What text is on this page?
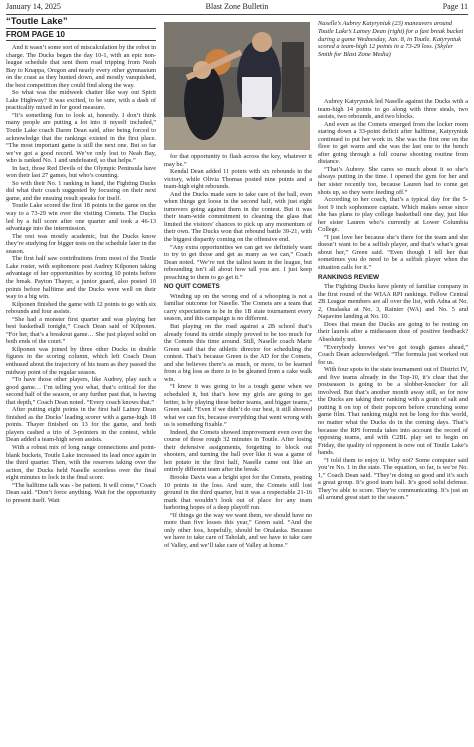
January 14, 2025	Blast Zone Bulletin	Page 11
“Toutle Lake”
FROM PAGE 10

And it wasn’t some sort of miscalculation by the robot in charge. The Ducks began the day 10-1, with an epic non-league schedule that sent them road tripping from Neah Bay to Knappa, Oregon and nearly every other gymnasium on the coast as they hunted down, and mostly vanquished, the best competition they could find along the way.

So what was the midweek chatter like way out Spirit Lake Highway? It was excited, to be sure, with a dash of practicality mixed in for good measure.

“It’s something fun to look at, honestly. I don’t think many people are putting a lot into it myself included,” Toutle Lake coach Daren Dean said, after being forced to acknowledge that the rankings existed in the first place. “The most important game is still the next one. But so far we’ve got a good record. We’ve only lost to Neah Bay, who is ranked No. 1 and undefeated, so that helps.”

In fact, those Red Devils of the Olympic Peninsula have won their last 27 games, but who’s counting.

So with their No. 1 ranking in hand, the Fighting Ducks did what their coach suggested by focusing on their next game, and the ensuing result speaks for itself.

Toutle Lake scored the first 18 points in the game on the way to a 73-29 win over the visiting Comets. The Ducks led by a full score after one quarter and took a 46-13 advantage into the intermission.

The rest was mostly academic, but the Ducks know they’re studying for bigger tests on the schedule later in the season.

The first half saw contributions from most of the Toutle Lake roster, with sophomore post Audrey Kilponen taking advantage of her opportunities by scoring 10 points before the break. Payton Thayer, a junior guard, also posted 10 points before halftime and the Ducks were well on their way to a big win.

Kilponen finished the game with 12 points to go with six rebounds and four assists.

“She had a monster first quarter and was playing her best basketball tonight,” Coach Dean said of Kilponen. “For her, that’s a breakout game… She just played solid on both ends of the court.”

Kilponen was joined by three other Ducks in double figures in the scoring column, which left Coach Dean enthused about the trajectory of his team as they passed the midway point of the regular season.

“To have those other players, like Audrey, play such a good game… I’m telling you what, that’s critical for the second half of the season, or any further past that, is having that depth,” Coach Dean noted. “Every coach knows that.”

After putting eight points in the first half Lainey Dean finished as the Ducks’ leading scorer with a game-high 18 points. Thayer finished on 13 for the game, and both players cashed a trio of 3-pointers in the contest, while Dean added a team-high seven assists.

With a robust mix of long range connections and point-blank buckets, Toutle Lake increased its lead once again in the third quarter. Then, with the reserves taking over the action, the Ducks held Naselle scoreless over the final eight minutes to lock in the final score.

“The halftime talk was - be patient. It will come,” Coach Dean said. “Don’t force anything. Wait for the opportunity to present itself. Wait

Naselle’s Aubrey Katyryniuk (23) maneuvers around Toutle Lake’s Lainey Dean (right) for a fast break bucket during a game Wednesday, Jan. 8, in Toutle. Katyryniuk scored a team-high 12 points in a 73-29 loss. (Skyler Smith for Blast Zone Media)

for that opportunity to flash across the key, whatever it may be.”

Kendal Dean added 11 points with six rebounds in the victory, while Olivia Thomas posted nine points and a team-high eight rebounds.

And the Ducks made sure to take care of the ball, even when things got loose in the second half, with just eight turnovers going against them in the contest. But it was their team-wide commitment to cleaning the glass that limited the visitors’ chances to pick up any momentum of their own. The Ducks won that rebound battle 39-21, with the biggest disparity coming on the offensive end.

“Any extra opportunities we can get we definitely want to try to get those and get as many as we can,” Coach Dean noted. “We’re not the tallest team in the league, but rebounding isn’t all about how tall you are. I just keep preaching to them to go get it.”

NO QUIT COMETS

Winding up on the wrong end of a whooping is not a familiar outcome for Naselle. The Comets are a team that carry expectations to be in the 1B state tournament every season, and this campaign is no different.

But playing on the road against a 2B school that’s already found its stride simply proved to be too much for the Comets this time around. Still, Naselle coach Marie Green said that the athletic director for scheduling the contest. That’s because Green is the AD for the Comets, and she believes there’s as much, or more, to be learned from a big loss as there is to be gleaned from a cake walk win.

“I knew it was going to be a tough game when we scheduled it, but that’s how my girls are going to get better, is by playing these better teams, and bigger teams,” Green said. “Even if we didn’t do our best, it still showed what we can fix, because everything that went wrong with us is something fixable.”

Indeed, the Comets showed improvement even over the course of those rough 32 minutes in Toutle. After losing their defensive assignments, forgetting to block out shooters, and turning the ball over like it was a game of hot potato in the first half, Naselle came out like an entirely different team after the break.

Brooke Davis was a bright spot for the Comets, posting 10 points in the loss. And sure, the Comets still lost ground in the third quarter, but it was a respectable 21-16 mark that wouldn’t look out of place for any team harboring hopes of a deep playoff run.

“If things go the way we want them, we should have no more than five losses this year,” Green said. “And the only other loss, hopefully, should be Onalaska. Because we have to take care of Taholah, and we have to take care of Valley, and we’ll take care of Valley at home.”

Aubrey Katyryniuk led Naselle against the Ducks with a team-high 14 points to go along with three steals, two assists, two rebounds, and two blocks.

And even as the Comets emerged from the locker room staring down a 33-point deficit after halftime, Katyryniuk continued to put her work in. She was the first one on the floor to get warm and she was the last one to the bench after going through a full course shooting routine from distance.

“That’s Aubrey. She cares so much about it so she’s always putting in the time. I opened the gym for her and her sister recently too, because Lauren had to come get shots up, so they were feeding off.”

According to her coach, that’s a typical day for the 5-foot 9 inch sophomore captain. Which makes sense since she has plans to play college basketball one day, just like her sister Lauren who’s currently at Lower Columbia College.

“I just love her because she’s there for the team and she doesn’t want to be a selfish player, and that’s what’s great about her,” Green said. “Even though I tell her that sometimes you do need to be a selfish player when the situation calls for it.”

RANKINGS REVIEW

The Fighting Ducks have plenty of familiar company in the first round of the WIAA RPI rankings. Fellow Central 2B League members are all over the list, with Adna at No. 2, Onalaska at No. 3, Rainier (WA) and No. 5 and Napavine landing at No. 10.

Does that mean the Ducks are going to be resting on their laurels after a midseason dose of positive feedback? Absolutely not.

“Everybody knows we’ve got tough games ahead,” Coach Dean acknowledged. “The formula just worked out for us.

With four spots to the state tournament out of District IV, and five teams already in the Top-10, it’s clear that the postseason is going to be a slobber-knocker for all involved. But that’s another month away still, so for now the Ducks are taking their ranking with a grain of salt and putting it on top of their popcorn before crunching some game film. That ranking might not be long for this world, no matter what the Ducks do in the coming days. That’s because the RPI formula takes into account the record of opposing teams, and with C2BL play set to begin on Friday, the quality of opponent is now out of Toutle Lake’s hands.

“I told them to enjoy it. Why not? Some computer said you’re No. 1 in the state. The equation, so far, is we’re No. 1,” Coach Dean said. “They’re doing so good and it’s such a great group. It’s good team ball. It’s good solid defense. They’re able to score. They’re communicating. It’s just an all around great start to the season.”
